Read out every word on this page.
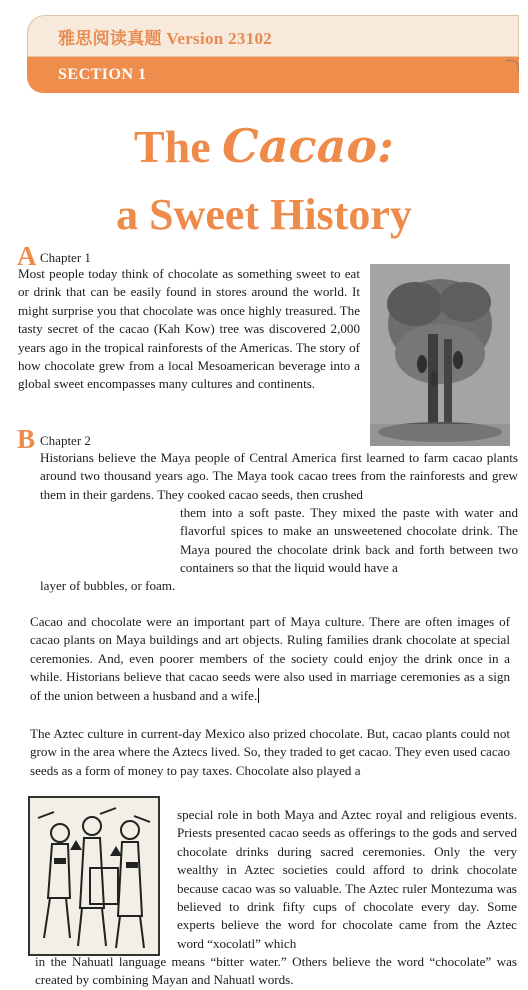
雅思阅读真题 Version 23102
SECTION 1
The Cacao:
a Sweet History
A Chapter 1
Most people today think of chocolate as something sweet to eat or drink that can be easily found in stores around the world. It might surprise you that chocolate was once highly treasured. The tasty secret of the cacao (Kah Kow) tree was discovered 2,000 years ago in the tropical rainforests of the Americas. The story of how chocolate grew from a local Mesoamerican beverage into a global sweet encompasses many cultures and continents.
B Chapter 2
Historians believe the Maya people of Central America first learned to farm cacao plants around two thousand years ago. The Maya took cacao trees from the rainforests and grew them in their gardens. They cooked cacao seeds, then crushed
them into a soft paste. They mixed the paste with water and flavorful spices to make an unsweetened chocolate drink. The Maya poured the chocolate drink back and forth between two containers so that the liquid would have a
layer of bubbles, or foam.
Cacao and chocolate were an important part of Maya culture. There are often images of cacao plants on Maya buildings and art objects. Ruling families drank chocolate at special ceremonies. And, even poorer members of the society could enjoy the drink once in a while. Historians believe that cacao seeds were also used in marriage ceremonies as a sign of the union between a husband and a wife.
The Aztec culture in current-day Mexico also prized chocolate. But, cacao plants could not grow in the area where the Aztecs lived. So, they traded to get cacao. They even used cacao seeds as a form of money to pay taxes. Chocolate also played a
special role in both Maya and Aztec royal and religious events. Priests presented cacao seeds as offerings to the gods and served chocolate drinks during sacred ceremonies. Only the very wealthy in Aztec societies could afford to drink chocolate because cacao was so valuable. The Aztec ruler Montezuma was believed to drink fifty cups of chocolate every day. Some experts believe the word for chocolate came from the Aztec word “xocolatl” which
in the Nahuatl language means “bitter water.” Others believe the word “chocolate” was created by combining Mayan and Nahuatl words.
